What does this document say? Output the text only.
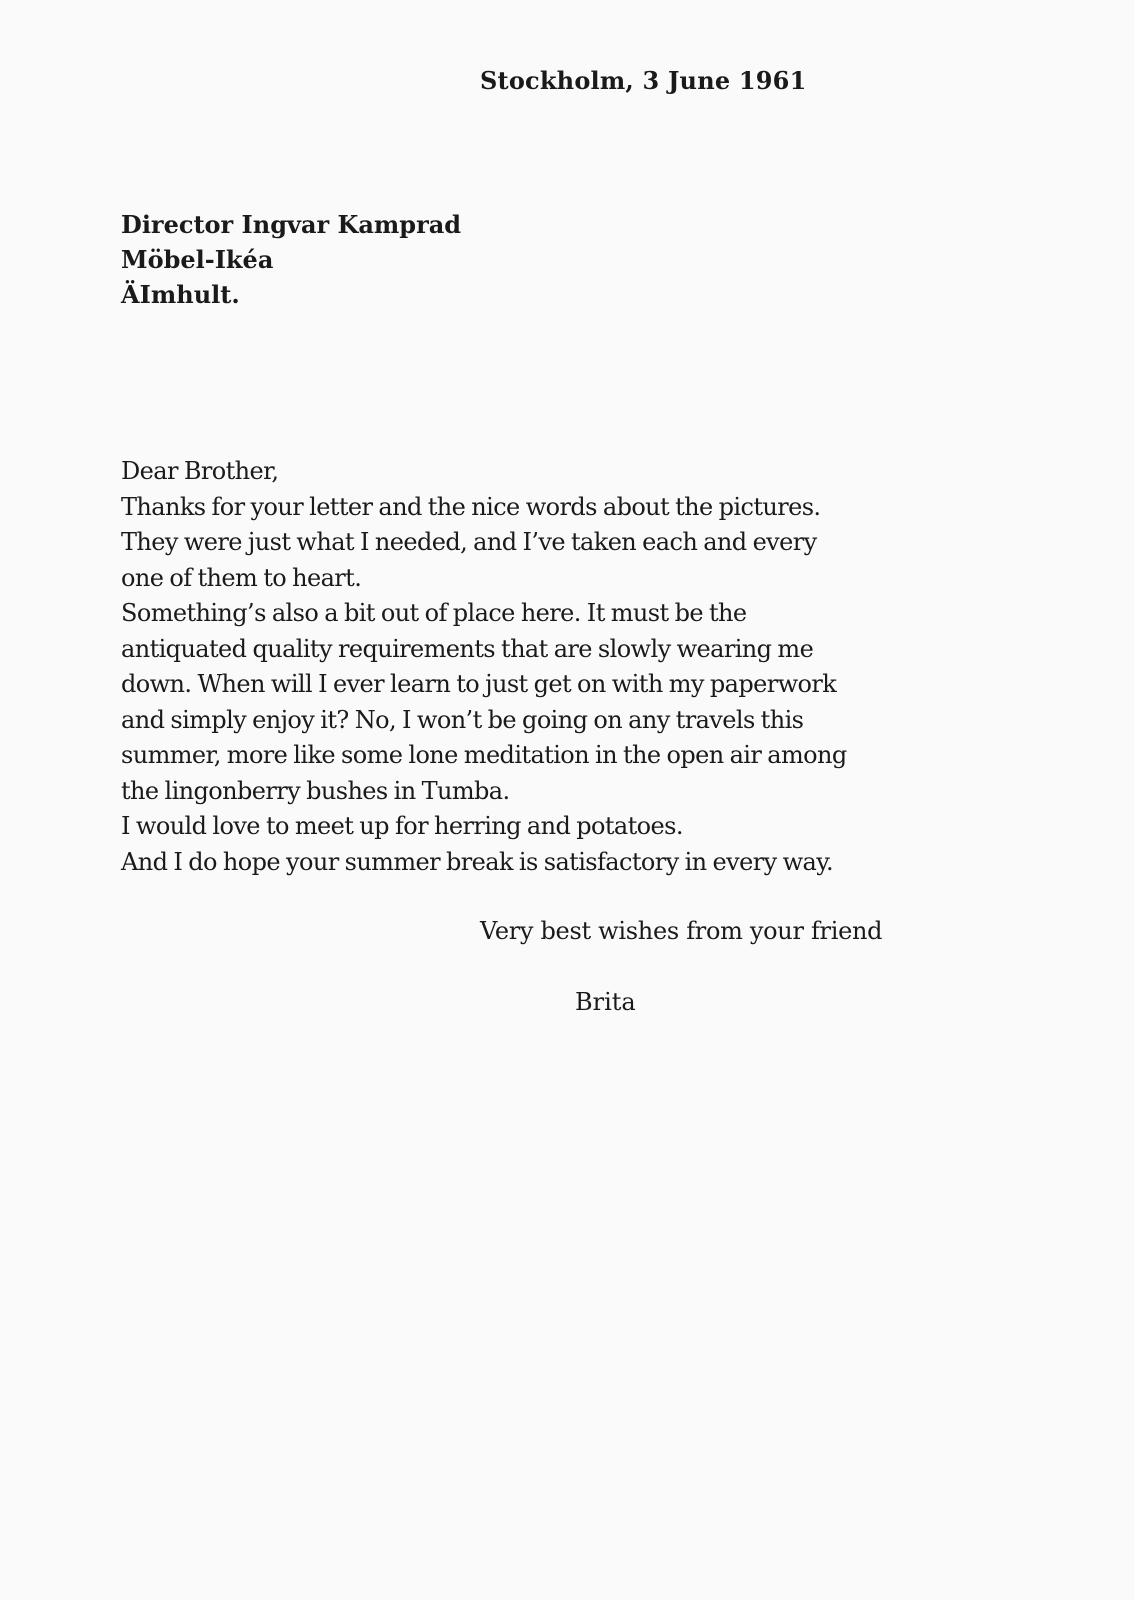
Stockholm, 3 June 1961
Director Ingvar Kamprad
Möbel-Ikéa
ÄImhult.
Dear Brother,
Thanks for your letter and the nice words about the pictures.
They were just what I needed, and I’ve taken each and every
one of them to heart.
Something’s also a bit out of place here. It must be the
antiquated quality requirements that are slowly wearing me
down. When will I ever learn to just get on with my paperwork
and simply enjoy it? No, I won’t be going on any travels this
summer, more like some lone meditation in the open air among
the lingonberry bushes in Tumba.
I would love to meet up for herring and potatoes.
And I do hope your summer break is satisfactory in every way.
Very best wishes from your friend
Brita
